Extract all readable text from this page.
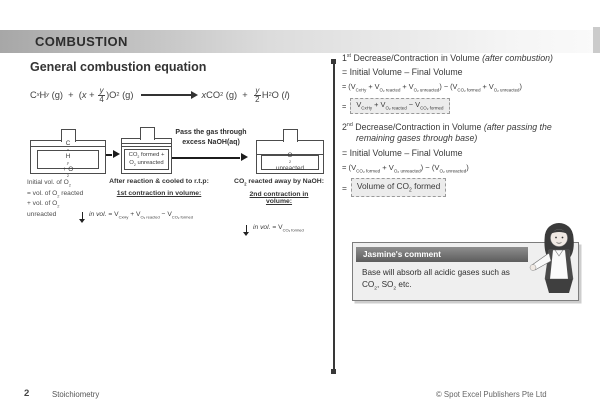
COMBUSTION
General combustion equation
C x H y (g)  +  ( $x + \frac{y}{4} )O$ 2 (g)	x CO 2 $(g) + \frac{y}{2}$ H 2 O ( l )
C
x
H
y
+ O
2
$CO_2$ formed +
$O_2$ unreacted
Pass the gas through
excess NaOH(aq)
O
2
unreacted
Initial vol. of $O_2$
= vol. of $O_2$ reacted
+ vol. of $O_2$
unreacted
After reaction & cooled to r.t.p:
1st contraction in volume:
in vol. = $V_{CxHy} + V_{O_2 reacted} - V_{CO_2 formed}$
$CO_2$ reacted away by NaOH:
2nd contraction in
volume:
in vol. = $V_{CO_2 formed}$
1st Decrease/Contraction in Volume (after combustion)
= Initial Volume – Final Volume
= $(V_{CxHy} + V_{O_2 reacted} + V_{O_2 unreacted}) - (V_{CO_2 formed} + V_{O_2 unreacted})$
=	$V_{CxHy} + V_{O_2 reacted} - V_{CO_2 formed}$
2nd Decrease/Contraction in Volume (after passing the
remaining gases through base)
= Initial Volume – Final Volume
= $(V_{CO_2 formed} + V_{O_2 unreacted}) - (V_{O_2 unreacted})$
=	Volume of $CO_2$ formed
Jasmine's comment
Base will absorb all acidic gases such as
$CO_2$, $SO_2$ etc.
2	Stoichiometry	© Spot Excel Publishers Pte Ltd
